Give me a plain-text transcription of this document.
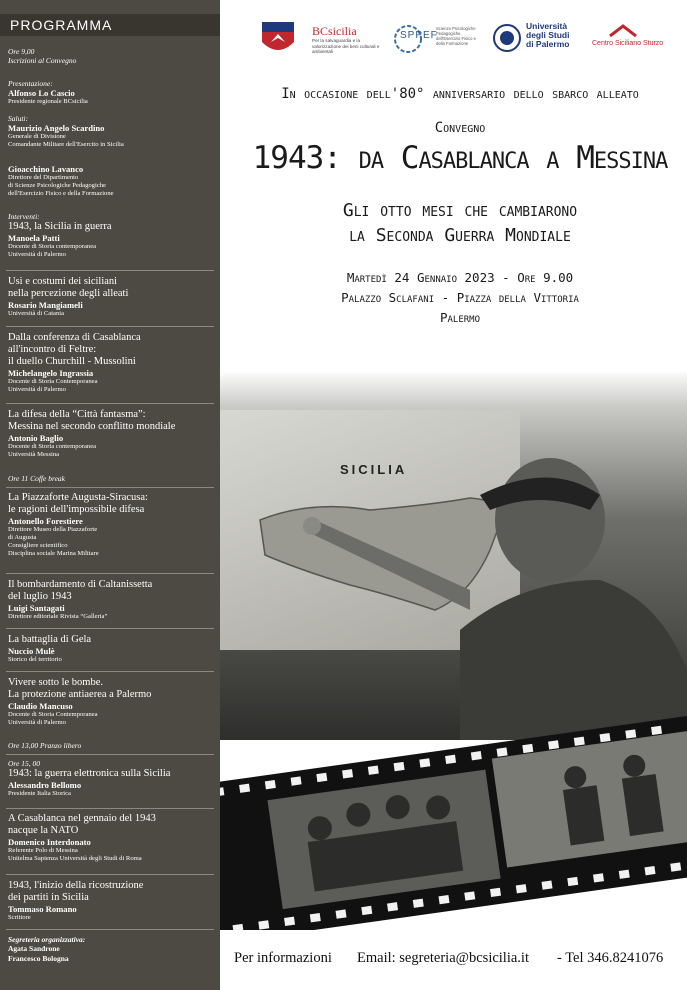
PROGRAMMA
Ore 9,00
Iscrizioni al Convegno
Presentazione:
Alfonso Lo Cascio
Presidente regionale BCsicilia
Saluti:
Maurizio Angelo Scardino
Generale di Divisione
Comandante Militare dell'Esercito in Sicilia
Gioacchino Lavanco
Direttore del Dipartimento
di Scienze Psicologiche Pedagogiche
dell'Esercizio Fisico e della Formazione
Interventi:
1943, la Sicilia in guerra
Manoela Patti
Docente di Storia contemporanea
Università di Palermo
Usi e costumi dei siciliani
nella percezione degli alleati
Rosario Mangiameli
Università di Catania
Dalla conferenza di Casablanca
all'incontro di Feltre:
il duello Churchill - Mussolini
Michelangelo Ingrassia
Docente di Storia Contemporanea
Università di Palermo
La difesa della “Città fantasma”:
Messina nel secondo conflitto mondiale
Antonio Baglio
Docente di Storia contemporanea
Università Messina
Ore 11 Coffe break
La Piazzaforte Augusta-Siracusa:
le ragioni dell'impossibile difesa
Antonello Forestiere
Direttore Museo della Piazzaforte
di Augusta
Consigliere scientifico
Disciplina sociale Marina Militare
Il bombardamento di Caltanissetta
del luglio 1943
Luigi Santagati
Direttore editoriale Rivista “Galleria”
La battaglia di Gela
Nuccio Mulè
Storico del territorio
Vivere sotto le bombe.
La protezione antiaerea a Palermo
Claudio Mancuso
Docente di Storia Contemporanea
Università di Palermo
Ore 13,00 Pranzo libero
Ore 15, 00
1943: la guerra elettronica sulla Sicilia
Alessandro Bellomo
Presidente Italia Storica
A Casablanca nel gennaio del 1943
nacque la NATO
Domenico Interdonato
Referente Polo di Messina
Unitelma Sapienza Università degli Studi di Roma
1943, l'inizio della ricostruzione
dei partiti in Sicilia
Tommaso Romano
Scrittore
Segreteria organizzativa:
Agata Sandrone
Francesco Bologna
BCsicilia
Per la salvaguardia e la valorizzazione dei beni culturali e ambientali
SPPEF
Scienze Psicologiche Pedagogiche, dell'Esercizio Fisico e della Formazione
Università
degli Studi
di Palermo	Centro Siciliano Sturzo
In occasione dell'80° anniversario dello sbarco alleato
Convegno
1943: da Casablanca a Messina
Gli otto mesi che cambiarono
la Seconda Guerra Mondiale
Martedì 24 Gennaio 2023 - Ore 9.00
Palazzo Sclafani - Piazza della Vittoria
Palermo
SICILIA
Per informazioni Email: segreteria@bcsicilia.it - Tel 346.8241076
